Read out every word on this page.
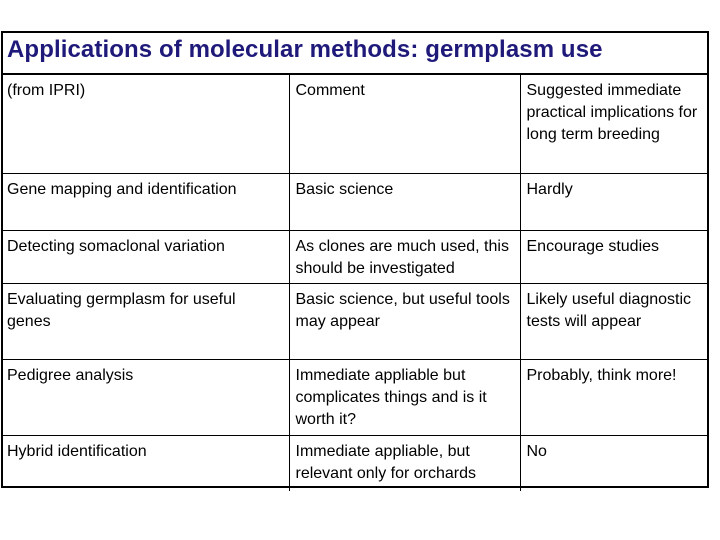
Applications of molecular methods: germplasm use
(from IPRI)	Comment	Suggested immediate practical implications for long term breeding
Gene mapping and identification	Basic science	Hardly
Detecting somaclonal variation	As clones are much used, this should be investigated	Encourage studies
Evaluating germplasm for useful genes	Basic science, but useful tools may appear	Likely useful diagnostic tests will appear
Pedigree analysis	Immediate appliable but complicates things and is it worth it?	Probably, think more!
Hybrid identification	Immediate appliable, but relevant only for orchards	No
